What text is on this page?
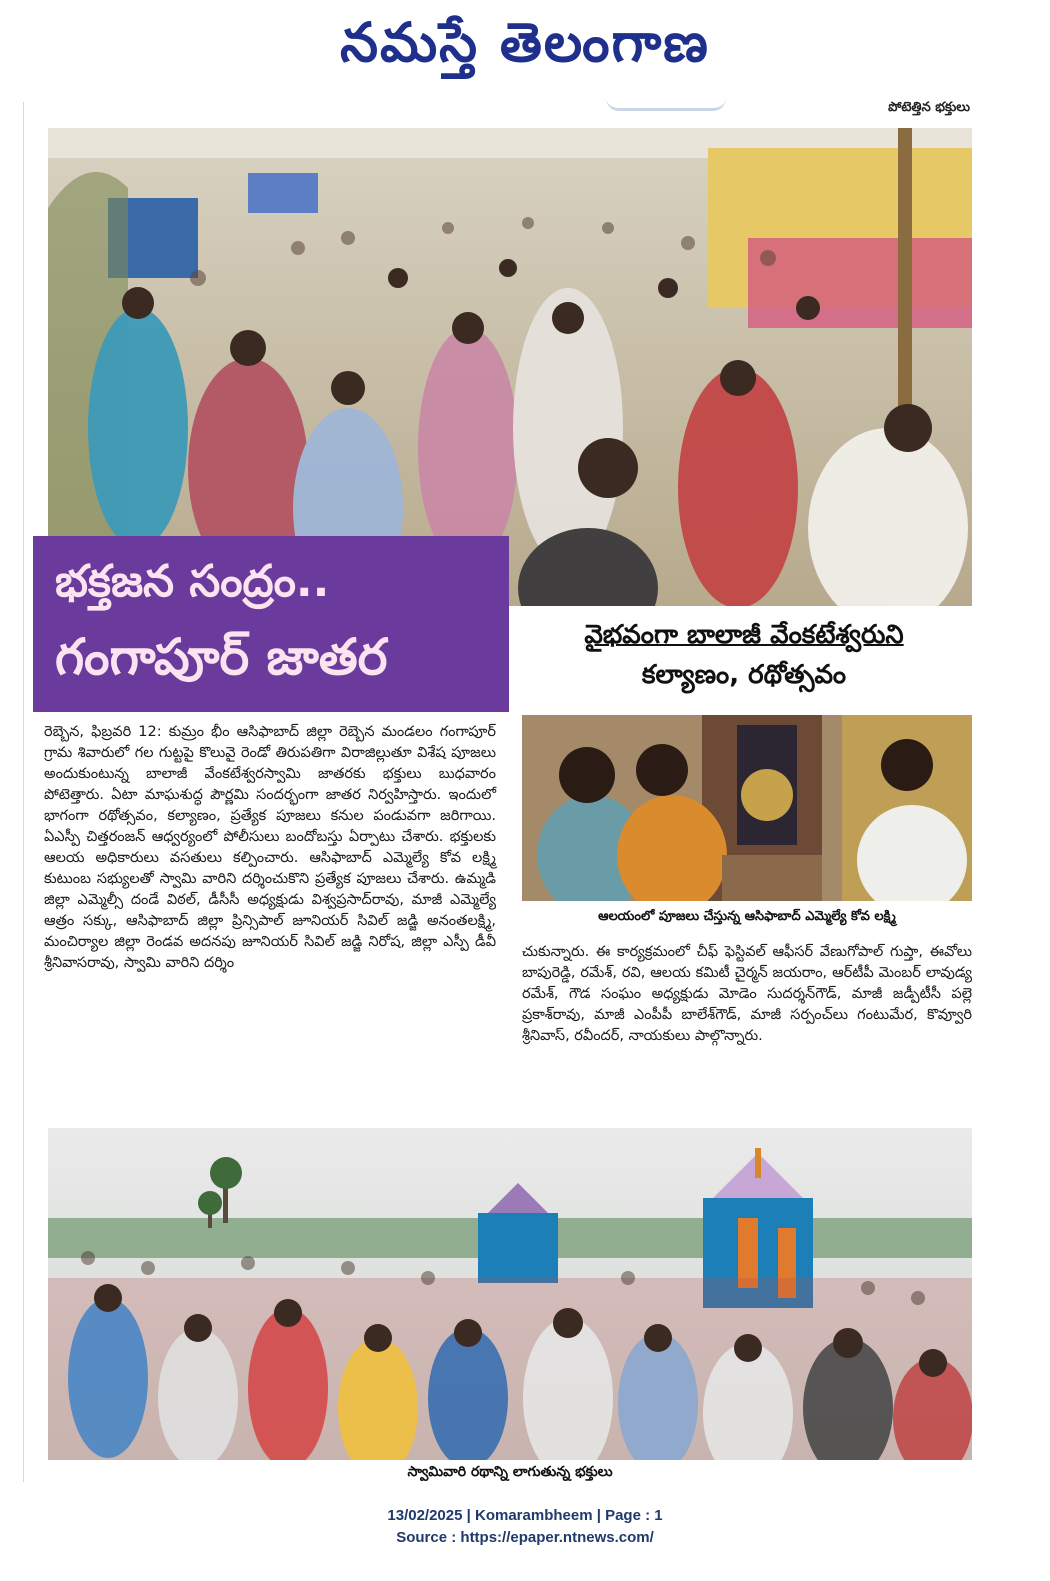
నమస్తే తెలంగాణ
పోటెత్తిన భక్తులు
భక్తజన సంద్రం..
గంగాపూర్ జాతర	వైభవంగా బాలాజీ వేంకటేశ్వరుని
కల్యాణం, రథోత్సవం
ఆలయంలో పూజలు చేస్తున్న ఆసిఫాబాద్ ఎమ్మెల్యే కోవ లక్ష్మి
రెబ్బెన, ఫిబ్రవరి 12: కుమ్రం భీం ఆసిఫాబాద్ జిల్లా రెబ్బెన మండలం గంగాపూర్ గ్రామ శివారులో గల గుట్టపై కొలువై రెండో తిరుపతిగా విరాజిల్లుతూ విశేష పూజలు అందుకుంటున్న బాలాజీ వేంకటేశ్వరస్వామి జాతరకు భక్తులు బుధవారం పోటెత్తారు. ఏటా మాఘశుద్ధ పౌర్ణమి సందర్భంగా జాతర నిర్వహిస్తారు. ఇందులో భాగంగా రథోత్సవం, కల్యాణం, ప్రత్యేక పూజలు కనుల పండువగా జరిగాయి. ఏఎస్పీ చిత్తరంజన్ ఆధ్వర్యంలో పోలీసులు బందోబస్తు ఏర్పాటు చేశారు. భక్తులకు ఆలయ అధికారులు వసతులు కల్పించారు. ఆసిఫాబాద్ ఎమ్మెల్యే కోవ లక్ష్మి కుటుంబ సభ్యులతో స్వామి వారిని దర్శించుకొని ప్రత్యేక పూజలు చేశారు. ఉమ్మడి జిల్లా ఎమ్మెల్సీ దండే విఠల్, డీసీసీ అధ్యక్షుడు విశ్వప్రసాద్‌రావు, మాజీ ఎమ్మెల్యే ఆత్రం సక్కు, ఆసిఫాబాద్ జిల్లా ప్రిన్సిపాల్ జూనియర్ సివిల్ జడ్జి అనంతలక్ష్మి, మంచిర్యాల జిల్లా రెండవ అదనపు జూనియర్ సివిల్ జడ్జి నిరోష, జిల్లా ఎస్పీ డీవీ శ్రీనివాసరావు, స్వామి వారిని దర్శిం
చుకున్నారు. ఈ కార్యక్రమంలో చీఫ్ ఫెస్టివల్ ఆఫీసర్ వేణుగోపాల్ గుప్తా, ఈవోలు బాపురెడ్డి, రమేశ్, రవి, ఆలయ కమిటీ చైర్మన్ జయరాం, ఆర్‌టీపీ మెంబర్ లావుడ్య రమేశ్, గౌడ సంఘం అధ్యక్షుడు మోడెం సుదర్శన్‌గౌడ్, మాజీ జడ్పీటీసీ పల్లె ప్రకాశ్‌రావు, మాజీ ఎంపీపీ బాలేశ్‌గౌడ్, మాజీ సర్పంచ్‌లు గంటుమేర, కొవ్వూరి శ్రీనివాస్, రవీందర్, నాయకులు పాల్గొన్నారు.
స్వామివారి రథాన్ని లాగుతున్న భక్తులు
13/02/2025 | Komarambheem | Page : 1
Source : https://epaper.ntnews.com/
